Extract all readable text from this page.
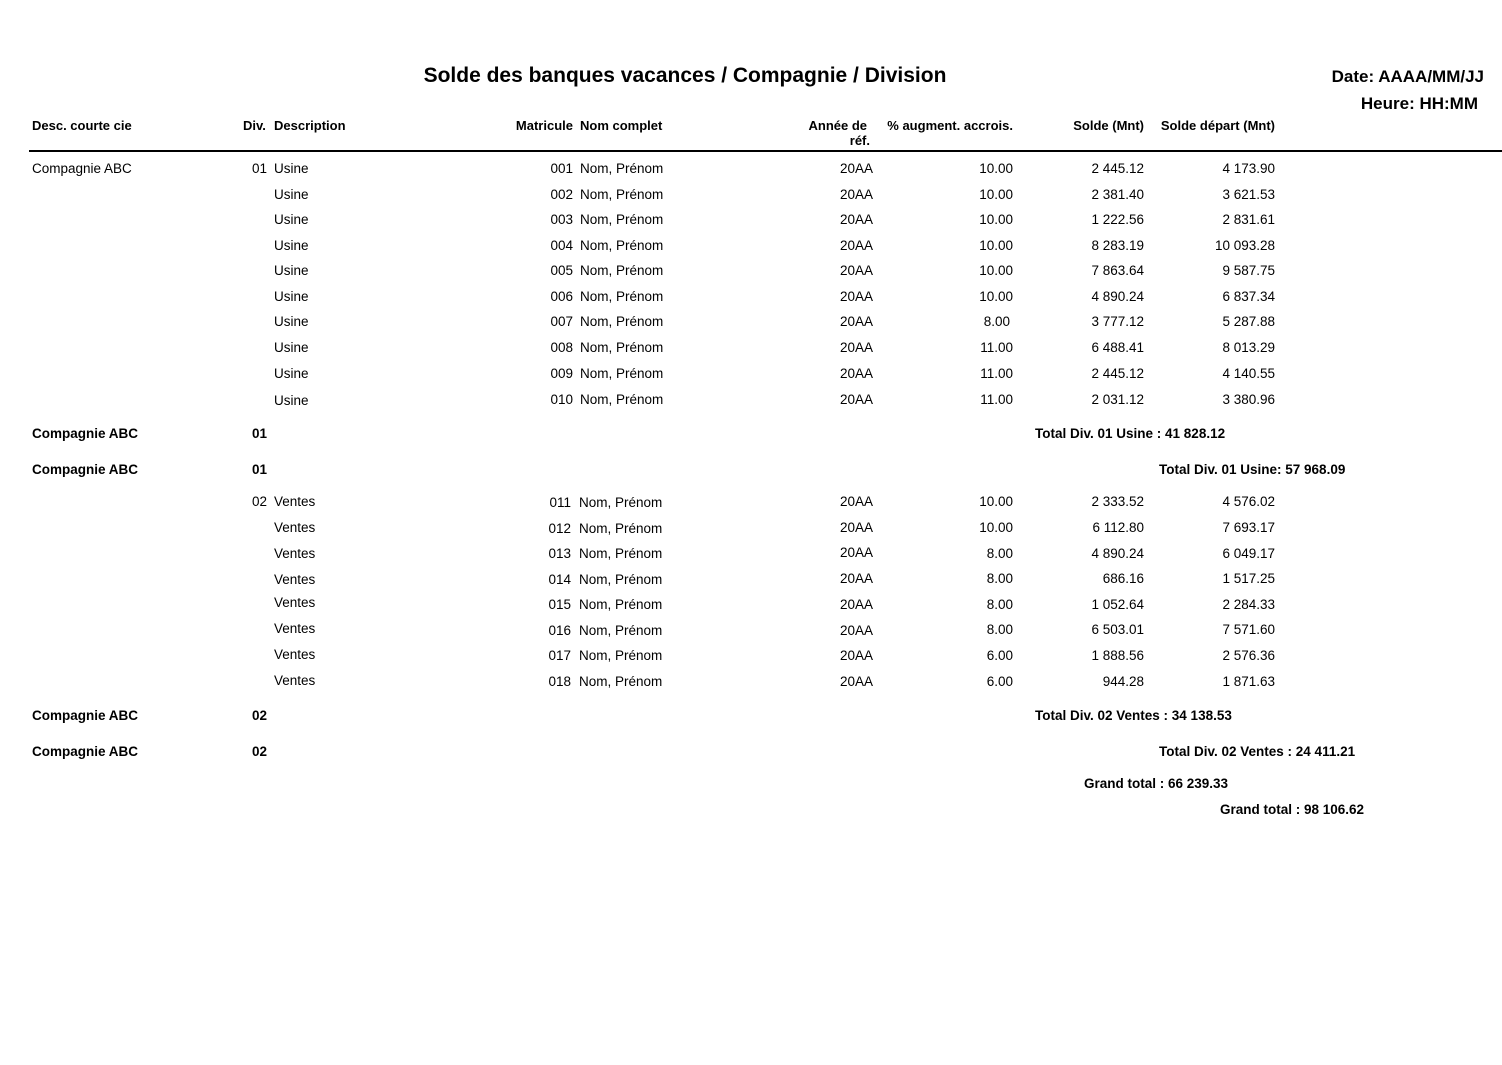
Solde des banques vacances / Compagnie / Division	Date: AAAA/MM/JJ
Heure: HH:MM
Desc. courte cie	Div. Description	Matricule Nom complet	Année de
réf.
% augment. accrois.	Solde (Mnt) Solde départ (Mnt)
Compagnie ABC	01 Usine	001 Nom, Prénom	20AA	10.00	2 445.12	4 173.90
Usine	002 Nom, Prénom	20AA	10.00	2 381.40	3 621.53
Usine	003 Nom, Prénom	20AA	10.00	1 222.56	2 831.61
Usine	004 Nom, Prénom	20AA	10.00	8 283.19	10 093.28
Usine	005 Nom, Prénom	20AA	10.00	7 863.64	9 587.75
Usine	006 Nom, Prénom	20AA	10.00	4 890.24	6 837.34
Usine	007 Nom, Prénom	20AA	8.00	3 777.12	5 287.88
Usine	008 Nom, Prénom	20AA	11.00	6 488.41	8 013.29
Usine	009 Nom, Prénom	20AA	11.00	2 445.12	4 140.55
Usine	010 Nom, Prénom	20AA	11.00	2 031.12	3 380.96
Compagnie ABC	01	Total Div. 01 Usine : 41 828.12
Compagnie ABC	01	Total Div. 01 Usine: 57 968.09
02 Ventes	011 Nom, Prénom	20AA	10.00	2 333.52	4 576.02
Ventes	012 Nom, Prénom	20AA	10.00	6 112.80	7 693.17
Ventes	013 Nom, Prénom	20AA	8.00	4 890.24	6 049.17
Ventes	014 Nom, Prénom	20AA	8.00	686.16	1 517.25
Ventes	015 Nom, Prénom	20AA	8.00	1 052.64	2 284.33
Ventes	016 Nom, Prénom	20AA	8.00	6 503.01	7 571.60
Ventes	017 Nom, Prénom	20AA	6.00	1 888.56	2 576.36
Ventes	018 Nom, Prénom	20AA	6.00	944.28	1 871.63
Compagnie ABC	02	Total Div. 02 Ventes : 34 138.53
Compagnie ABC	02	Total Div. 02 Ventes : 24 411.21
Grand total : 66 239.33
Grand total : 98 106.62
